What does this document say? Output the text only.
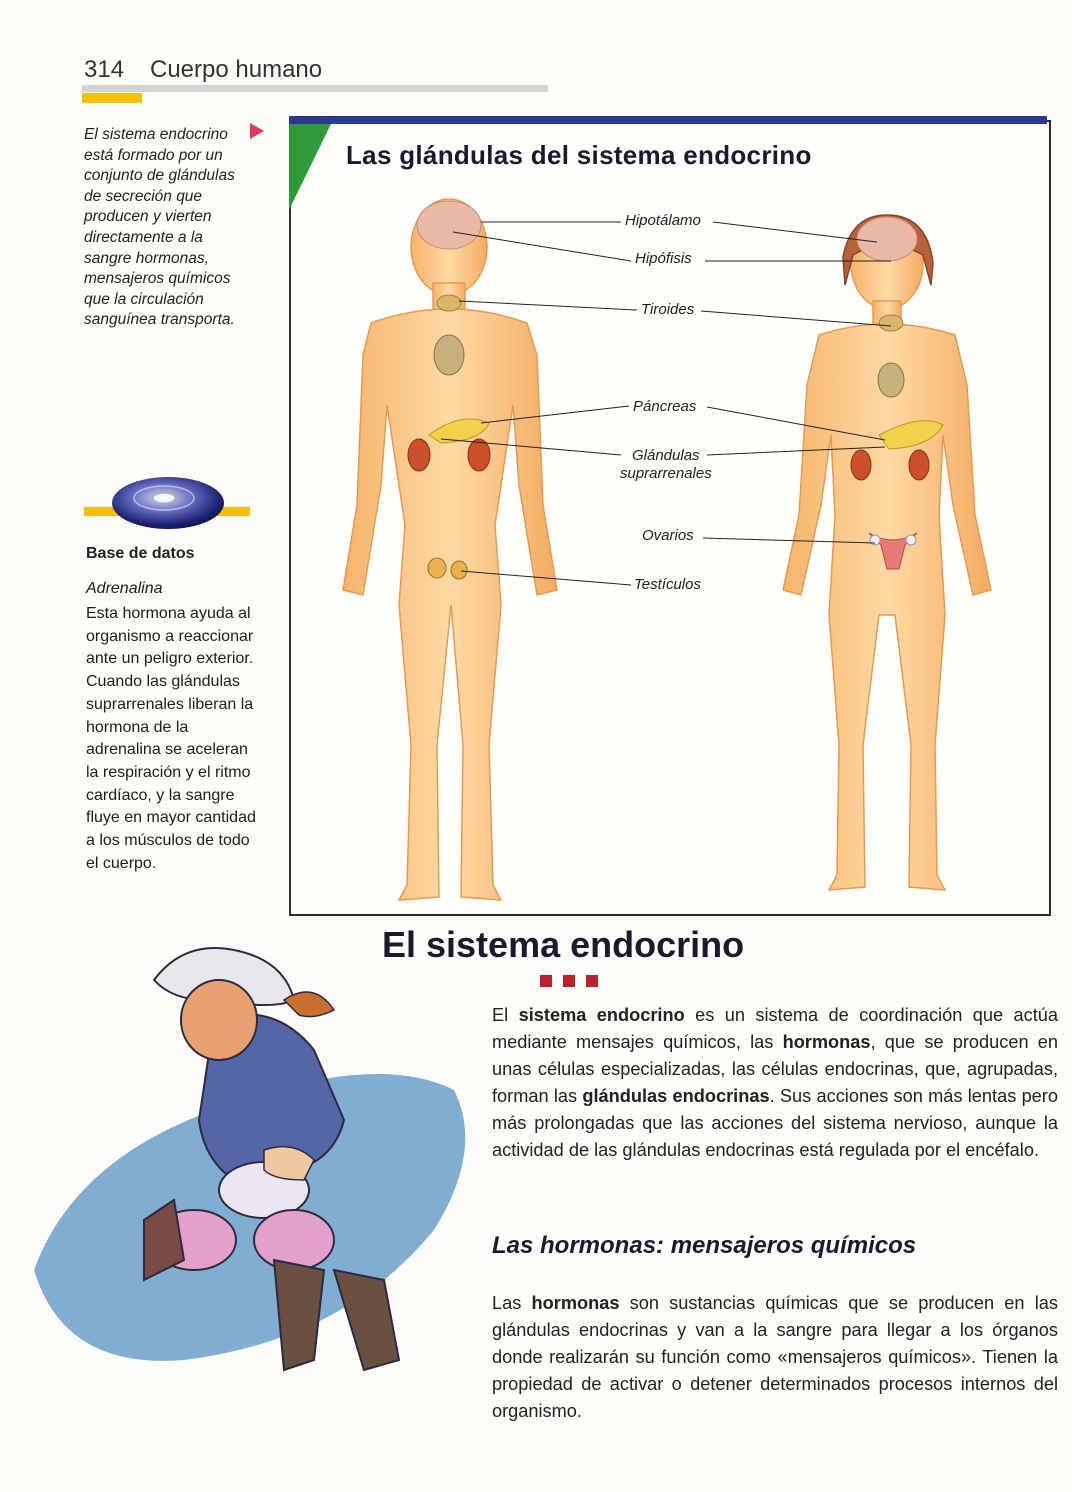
314 Cuerpo humano
El sistema endocrino está formado por un conjunto de glándulas de secreción que producen y vierten directamente a la sangre hormonas, mensajeros químicos que la circulación sanguínea transporta.
Base de datos
Adrenalina
Esta hormona ayuda al organismo a reaccionar ante un peligro exterior. Cuando las glándulas suprarrenales liberan la hormona de la adrenalina se aceleran la respiración y el ritmo cardíaco, y la sangre fluye en mayor cantidad a los músculos de todo el cuerpo.
Las glándulas del sistema endocrino
Hipotálamo
Hipófisis
Tiroides
Páncreas
Glándulas
suprarrenales
Ovarios
Testículos
El sistema endocrino
El sistema endocrino es un sistema de coordinación que actúa mediante mensajes químicos, las hormonas, que se producen en unas células especializadas, las células endocrinas, que, agrupadas, forman las glándulas endocrinas. Sus acciones son más lentas pero más prolongadas que las acciones del sistema nervioso, aunque la actividad de las glándulas endocrinas está regulada por el encéfalo.
Las hormonas: mensajeros químicos
Las hormonas son sustancias químicas que se producen en las glándulas endocrinas y van a la sangre para llegar a los órganos donde realizarán su función como «mensajeros químicos». Tienen la propiedad de activar o detener determinados procesos internos del organismo.
